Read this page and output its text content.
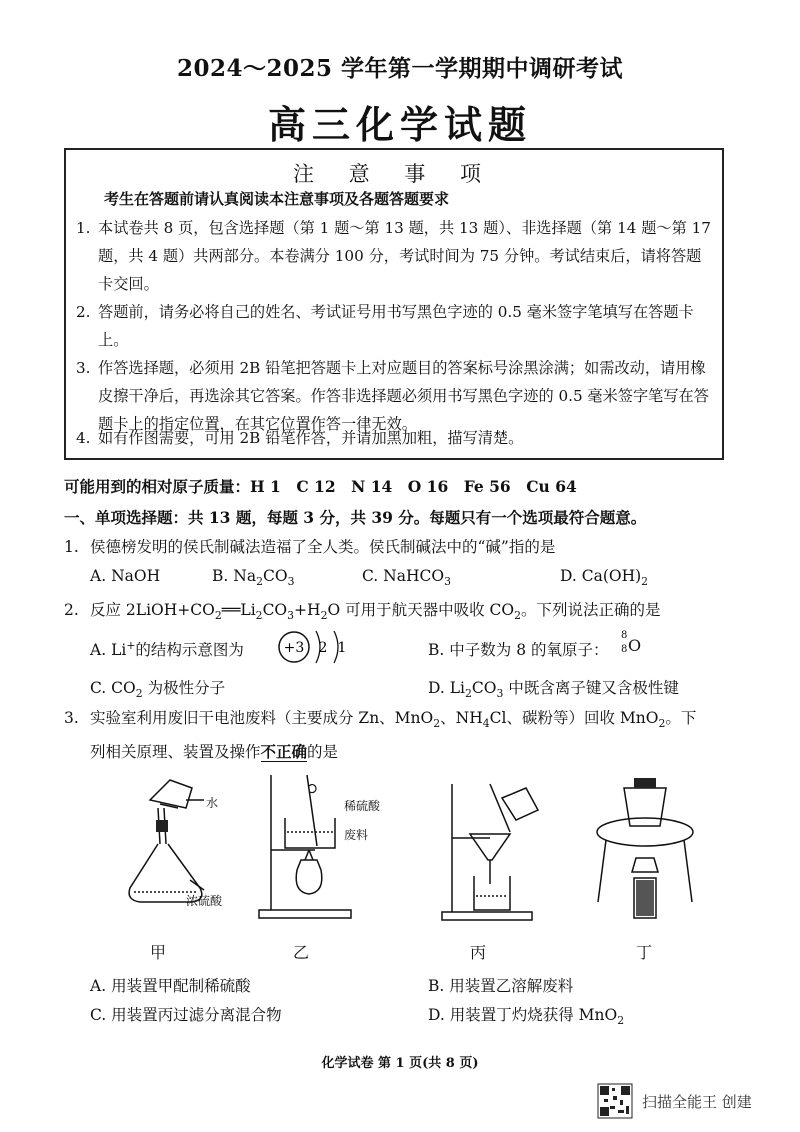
2024～2025 学年第一学期期中调研考试
高三化学试题
注 意 事 项
考生在答题前请认真阅读本注意事项及各题答题要求
1. 本试卷共 8 页，包含选择题（第 1 题～第 13 题，共 13 题）、非选择题（第 14 题～第 17 题，共 4 题）共两部分。本卷满分 100 分，考试时间为 75 分钟。考试结束后，请将答题卡交回。
2. 答题前，请务必将自己的姓名、考试证号用书写黑色字迹的 0.5 毫米签字笔填写在答题卡上。
3. 作答选择题，必须用 2B 铅笔把答题卡上对应题目的答案标号涂黑涂满；如需改动，请用橡皮擦干净后，再选涂其它答案。作答非选择题必须用书写黑色字迹的 0.5 毫米签字笔写在答题卡上的指定位置，在其它位置作答一律无效。
4. 如有作图需要，可用 2B 铅笔作答，并请加黑加粗，描写清楚。
可能用到的相对原子质量：H 1　C 12　N 14　O 16　Fe 56　Cu 64
一、单项选择题：共 13 题，每题 3 分，共 39 分。每题只有一个选项最符合题意。
1. 侯德榜发明的侯氏制碱法造福了全人类。侯氏制碱法中的“碱”指的是
A. NaOH	B. $Na_2CO_3$	C. NaHCO$_3$	D. $Ca(OH)_2$
2. 反应 $2LiOH+CO_2══Li_2CO_3+H_2O$ 可用于航天器中吸收 $CO_2$。下列说法正确的是
A. Li+的结构示意图为	+3 2 1	B. 中子数为 8 的氧原子：
8
8 O
C. $CO_2$ 为极性分子	D. $Li_2CO_3$ 中既含离子键又含极性键
3. 实验室利用废旧干电池废料（主要成分 Zn、MnO$_2$、$NH_4Cl$、碳粉等）回收 MnO$_2$。下
列相关原理、装置及操作不正确的是
水
浓硫酸
稀硫酸
废料
甲	乙	丙	丁
A. 用装置甲配制稀硫酸	B. 用装置乙溶解废料
C. 用装置丙过滤分离混合物	D. 用装置丁灼烧获得 MnO$_2$
化学试卷 第 1 页(共 8 页)
扫描全能王 创建
